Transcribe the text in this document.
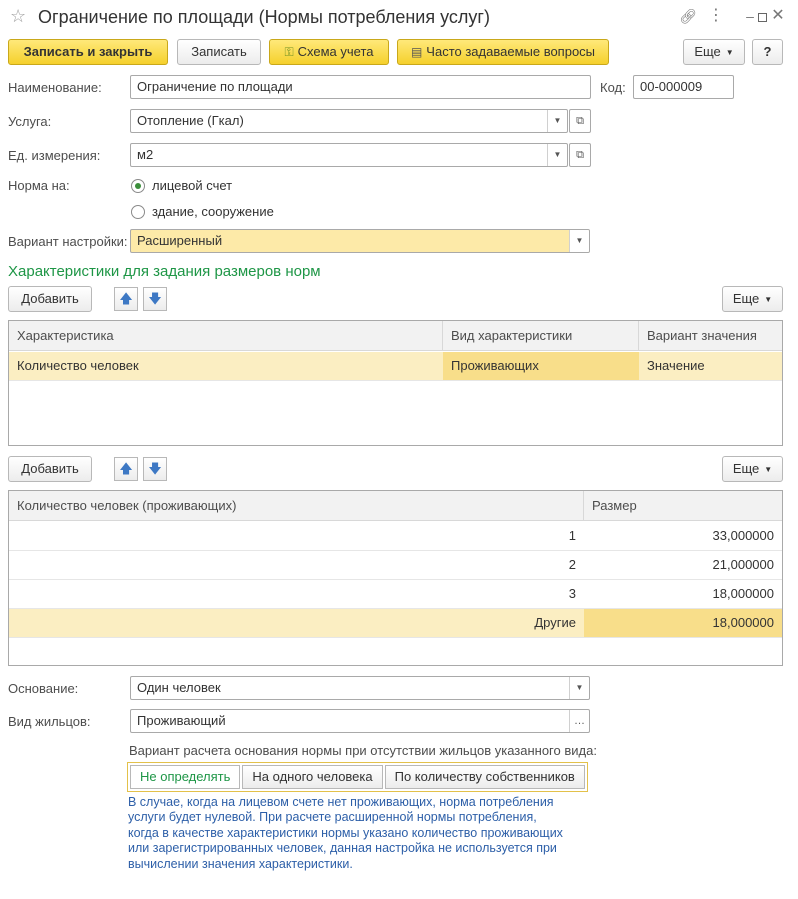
☆ Ограничение по площади (Нормы потребления услуг)	🔗︎ ⋮	‒	✕
Записать и закрыть	Записать	⚿ Схема учета	▤ Часто задаваемые вопросы	Еще ▼	?
Наименование:	Ограничение по площади	Код:	00-000009
Услуга:	Отопление (Гкал)	▼	⧉
Ед. измерения:	м2	▼	⧉
Норма на:	лицевой счет
здание, сооружение
Вариант настройки: Расширенный	▼
Характеристики для задания размеров норм
Добавить	🡅	🡇	Еще ▼
Характеристика	Вид характеристики	Вариант значения
Количество человек	Проживающих	Значение
Добавить	🡅	🡇	Еще ▼
Количество человек (проживающих)	Размер
1	33,000000
2	21,000000
3	18,000000
Другие	18,000000
Основание:	Один человек	▼
Вид жильцов:	Проживающий	…
Вариант расчета основания нормы при отсутствии жильцов указанного вида:
Не определять	На одного человека	По количеству собственников
В случае, когда на лицевом счете нет проживающих, норма потребления услуги будет нулевой. При расчете расширенной нормы потребления, когда в качестве характеристики нормы указано количество проживающих или зарегистрированных человек, данная настройка не используется при вычислении значения характеристики.
